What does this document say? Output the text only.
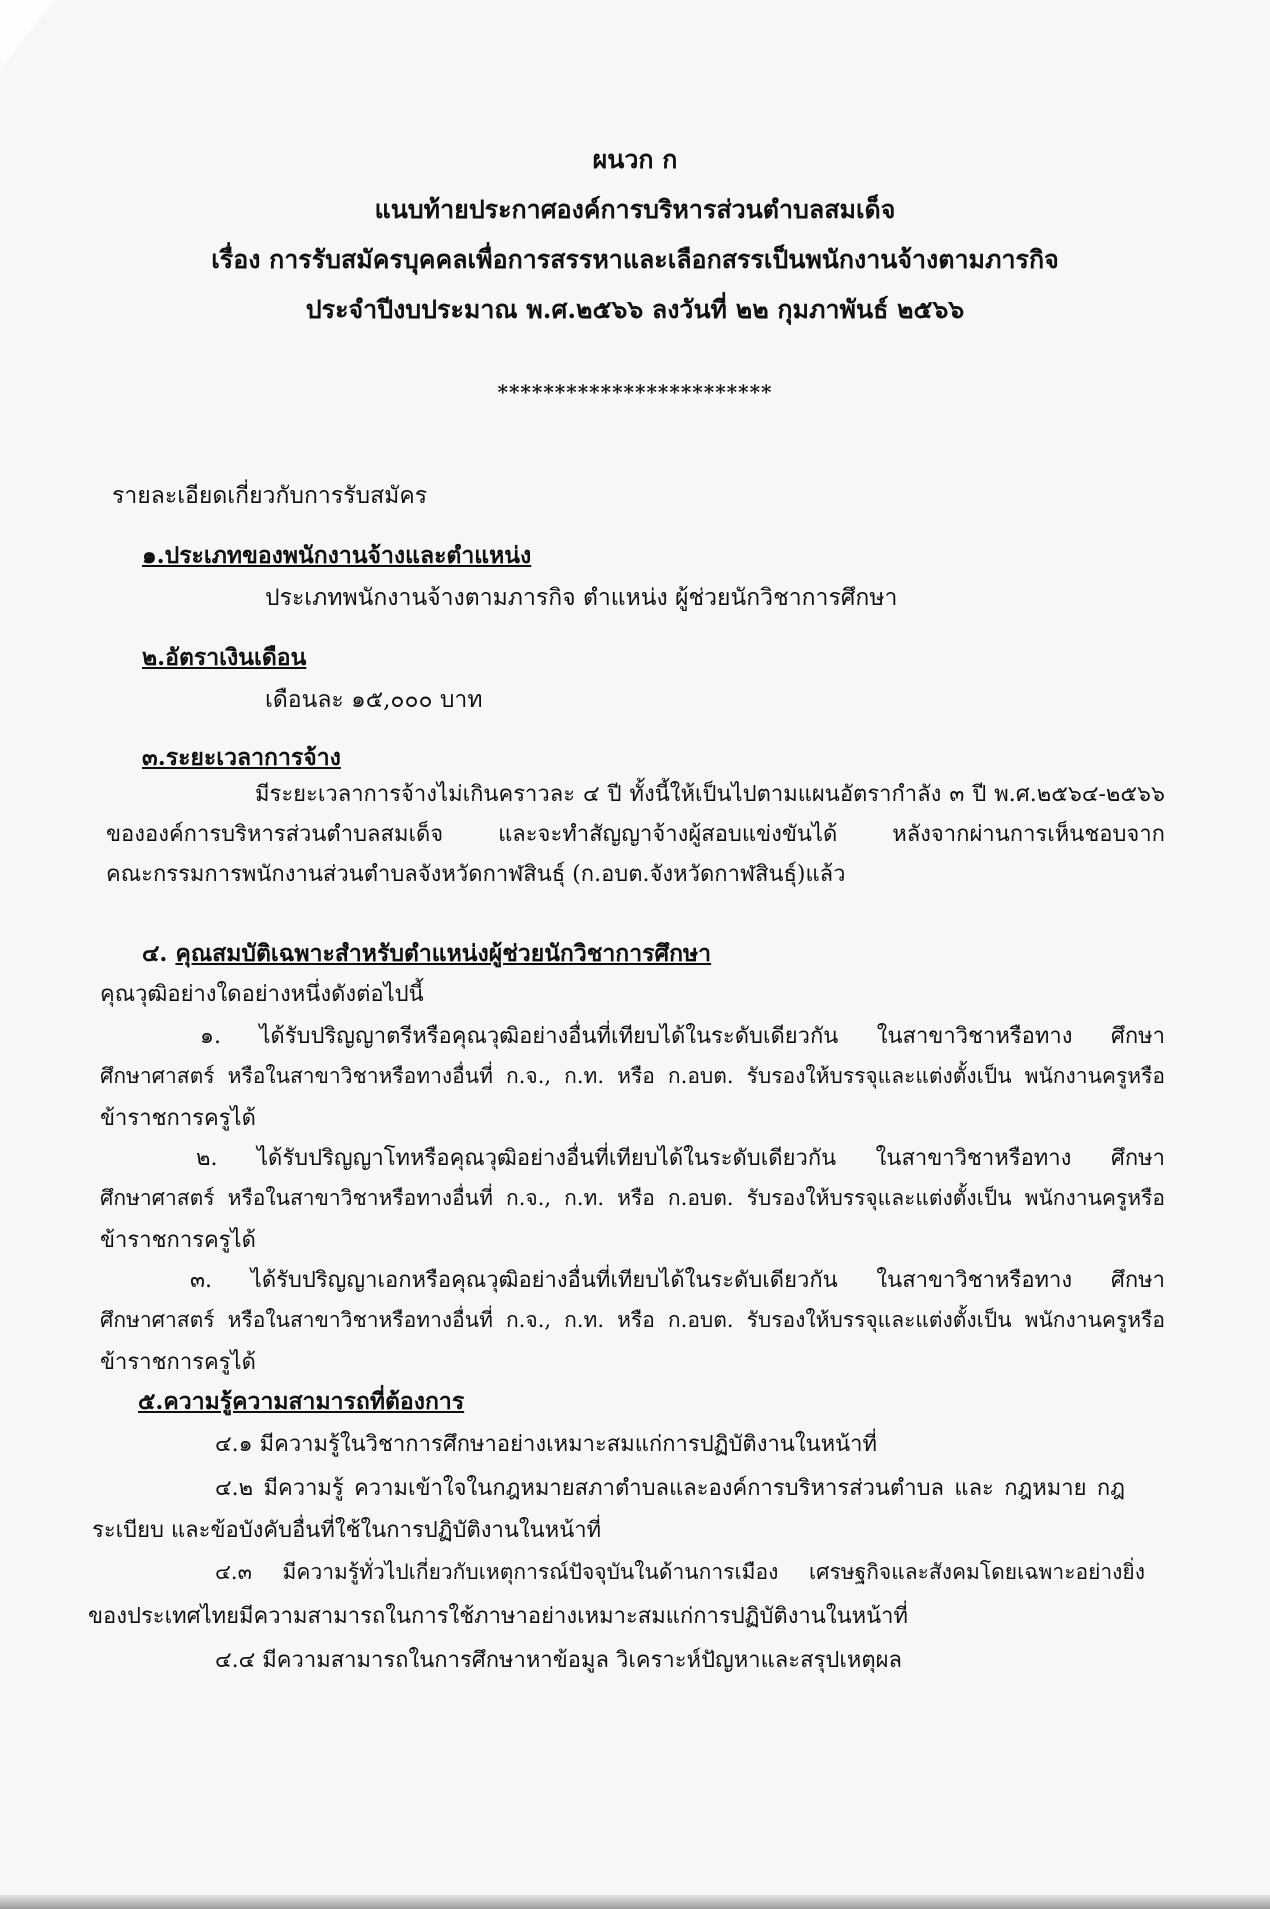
ผนวก ก
แนบท้ายประกาศองค์การบริหารส่วนตำบลสมเด็จ
เรื่อง การรับสมัครบุคคลเพื่อการสรรหาและเลือกสรรเป็นพนักงานจ้างตามภารกิจ
ประจำปีงบประมาณ พ.ศ.๒๕๖๖ ลงวันที่ ๒๒ กุมภาพันธ์ ๒๕๖๖
************************
รายละเอียดเกี่ยวกับการรับสมัคร
๑.ประเภทของพนักงานจ้างและตำแหน่ง
ประเภทพนักงานจ้างตามภารกิจ ตำแหน่ง ผู้ช่วยนักวิชาการศึกษา
๒.อัตราเงินเดือน
เดือนละ ๑๕,๐๐๐ บาท
๓.ระยะเวลาการจ้าง
มีระยะเวลาการจ้างไม่เกินคราวละ ๔ ปี ทั้งนี้ให้เป็นไปตามแผนอัตรากำลัง ๓ ปี พ.ศ.๒๕๖๔-๒๕๖๖
ขององค์การบริหารส่วนตำบลสมเด็จ และจะทำสัญญาจ้างผู้สอบแข่งขันได้ หลังจากผ่านการเห็นชอบจาก
คณะกรรมการพนักงานส่วนตำบลจังหวัดกาฬสินธุ์ (ก.อบต.จังหวัดกาฬสินธุ์)แล้ว
๔. คุณสมบัติเฉพาะสำหรับตำแหน่งผู้ช่วยนักวิชาการศึกษา
คุณวุฒิอย่างใดอย่างหนึ่งดังต่อไปนี้
๑. ได้รับปริญญาตรีหรือคุณวุฒิอย่างอื่นที่เทียบได้ในระดับเดียวกัน ในสาขาวิชาหรือทาง ศึกษา
ศึกษาศาสตร์ หรือในสาขาวิชาหรือทางอื่นที่ ก.จ., ก.ท. หรือ ก.อบต. รับรองให้บรรจุและแต่งตั้งเป็น พนักงานครูหรือ
ข้าราชการครูได้
๒. ได้รับปริญญาโทหรือคุณวุฒิอย่างอื่นที่เทียบได้ในระดับเดียวกัน ในสาขาวิชาหรือทาง ศึกษา
ศึกษาศาสตร์ หรือในสาขาวิชาหรือทางอื่นที่ ก.จ., ก.ท. หรือ ก.อบต. รับรองให้บรรจุและแต่งตั้งเป็น พนักงานครูหรือ
ข้าราชการครูได้
๓. ได้รับปริญญาเอกหรือคุณวุฒิอย่างอื่นที่เทียบได้ในระดับเดียวกัน ในสาขาวิชาหรือทาง ศึกษา
ศึกษาศาสตร์ หรือในสาขาวิชาหรือทางอื่นที่ ก.จ., ก.ท. หรือ ก.อบต. รับรองให้บรรจุและแต่งตั้งเป็น พนักงานครูหรือ
ข้าราชการครูได้
๕.ความรู้ความสามารถที่ต้องการ
๔.๑ มีความรู้ในวิชาการศึกษาอย่างเหมาะสมแก่การปฏิบัติงานในหน้าที่
๔.๒ มีความรู้ ความเข้าใจในกฎหมายสภาตำบลและองค์การบริหารส่วนตำบล และ กฎหมาย กฎ
ระเบียบ และข้อบังคับอื่นที่ใช้ในการปฏิบัติงานในหน้าที่
๔.๓ มีความรู้ทั่วไปเกี่ยวกับเหตุการณ์ปัจจุบันในด้านการเมือง เศรษฐกิจและสังคมโดยเฉพาะอย่างยิ่ง
ของประเทศไทยมีความสามารถในการใช้ภาษาอย่างเหมาะสมแก่การปฏิบัติงานในหน้าที่
๔.๔ มีความสามารถในการศึกษาหาข้อมูล วิเคราะห์ปัญหาและสรุปเหตุผล
